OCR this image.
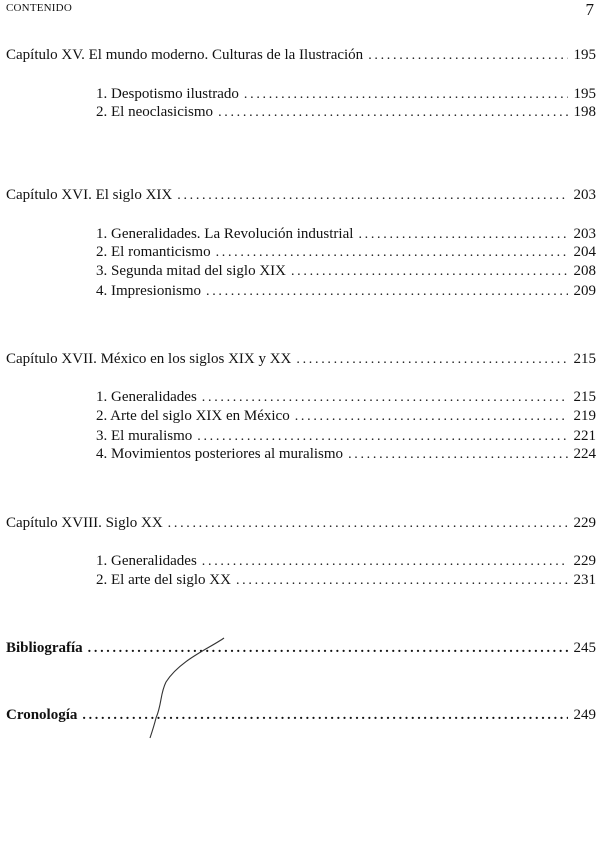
CONTENIDO	7
Capítulo XV. El mundo moderno. Culturas de la Ilustración . . .	195
1. Despotismo ilustrado . . .	195
2. El neoclasicismo . . .	198
Capítulo XVI. El siglo XIX . . .	203
1. Generalidades. La Revolución industrial . . .	203
2. El romanticismo . . .	204
3. Segunda mitad del siglo XIX . . .	208
4. Impresionismo . . .	209
Capítulo XVII. México en los siglos XIX y XX . . .	215
1. Generalidades . . .	215
2. Arte del siglo XIX en México . . .	219
3. El muralismo . . .	221
4. Movimientos posteriores al muralismo . . .	224
Capítulo XVIII. Siglo XX . . .	229
1. Generalidades . . .	229
2. El arte del siglo XX . . .	231
Bibliografía . . .	245
Cronología . . .	249
